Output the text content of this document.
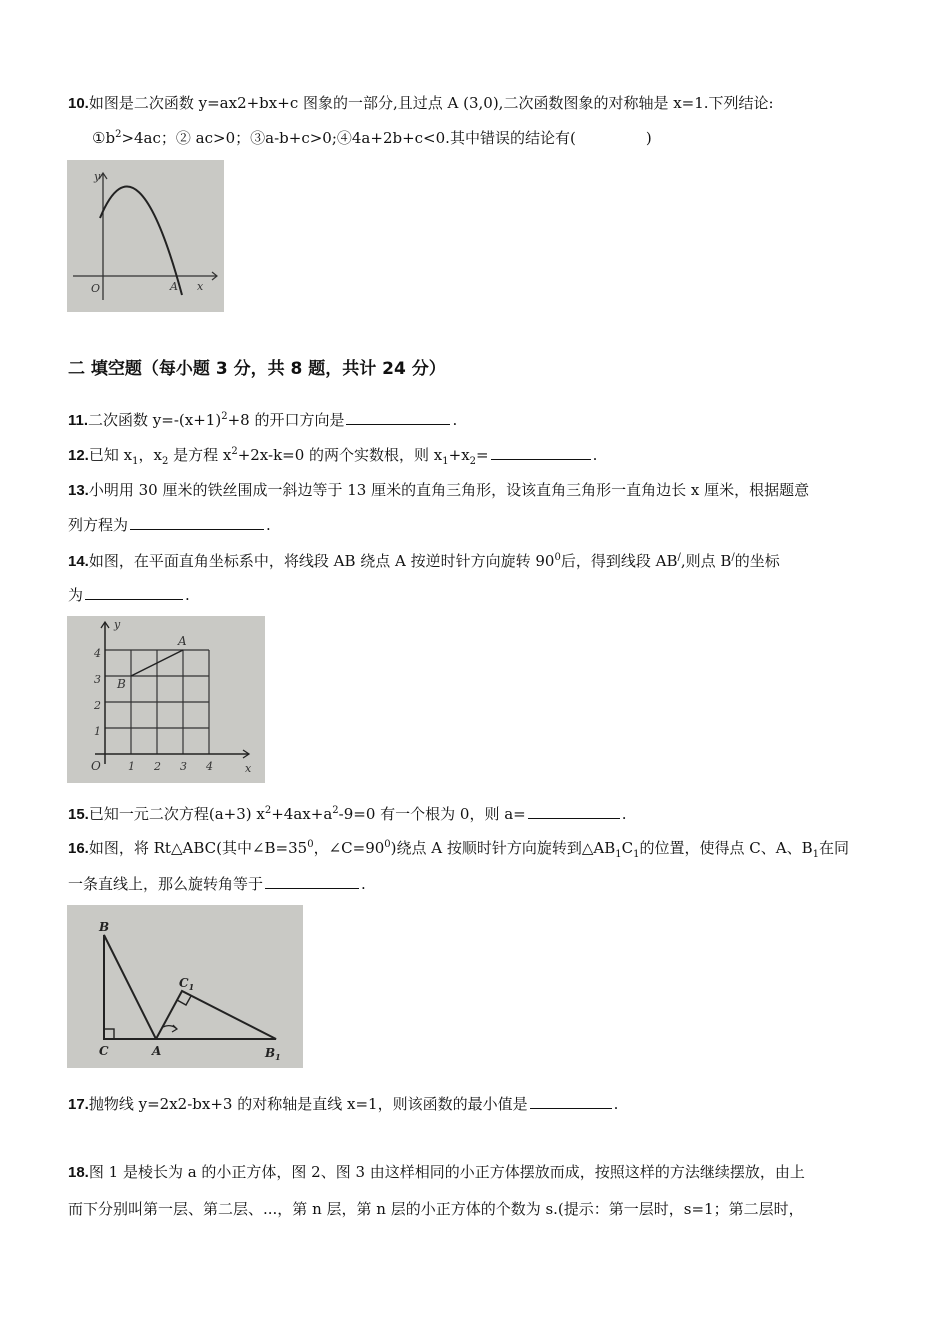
10.如图是二次函数 y=ax2+bx+c 图象的一部分,且过点 A (3,0),二次函数图象的对称轴是 x=1.下列结论:
$①b^2>4ac$；② ac>0；③a-b+c>0;④4a+2b+c<0.其中错误的结论有(	)
y
O	A x
二 填空题（每小题 3 分，共 8 题，共计 24 分）
11.二次函数 $y=-(x+1)^2+8$ 的开口方向是	.
12.已知 $x_1$，$x_2$ 是方程 $x^2+2x-k=0$ 的两个实数根，则 $x_1+x_2=$	.
13.小明用 30 厘米的铁丝围成一斜边等于 13 厘米的直角三角形，设该直角三角形一直角边长 x 厘米，根据题意
列方程为	.
14.如图，在平面直角坐标系中，将线段 AB 绕点 A 按逆时针方向旋转 $90^0$后，得到线段 AB/,则点 B/的坐标
为	.
y
x
O
A
B
1
2
3
4
1 2 3 4
15.已知一元二次方程(a+3) $x^2+4ax+a^2-9=0$ 有一个根为 0，则 a=	.
16.如图，将 Rt△ABC(其中$\angle B=35^0$，$\angle C=90^0$)绕点 A 按顺时针方向旋转到$\triangle AB_1C_1$的位置，使得点 C、A、$B_1$在同
一条直线上，那么旋转角等于	.
B
C	A
$C_1$
$B_1$
17.抛物线 y=2x2-bx+3 的对称轴是直线 x=1，则该函数的最小值是	.
18.图 1 是棱长为 a 的小正方体，图 2、图 3 由这样相同的小正方体摆放而成，按照这样的方法继续摆放，由上
而下分别叫第一层、第二层、...，第 n 层，第 n 层的小正方体的个数为 s.(提示：第一层时，s=1；第二层时，
